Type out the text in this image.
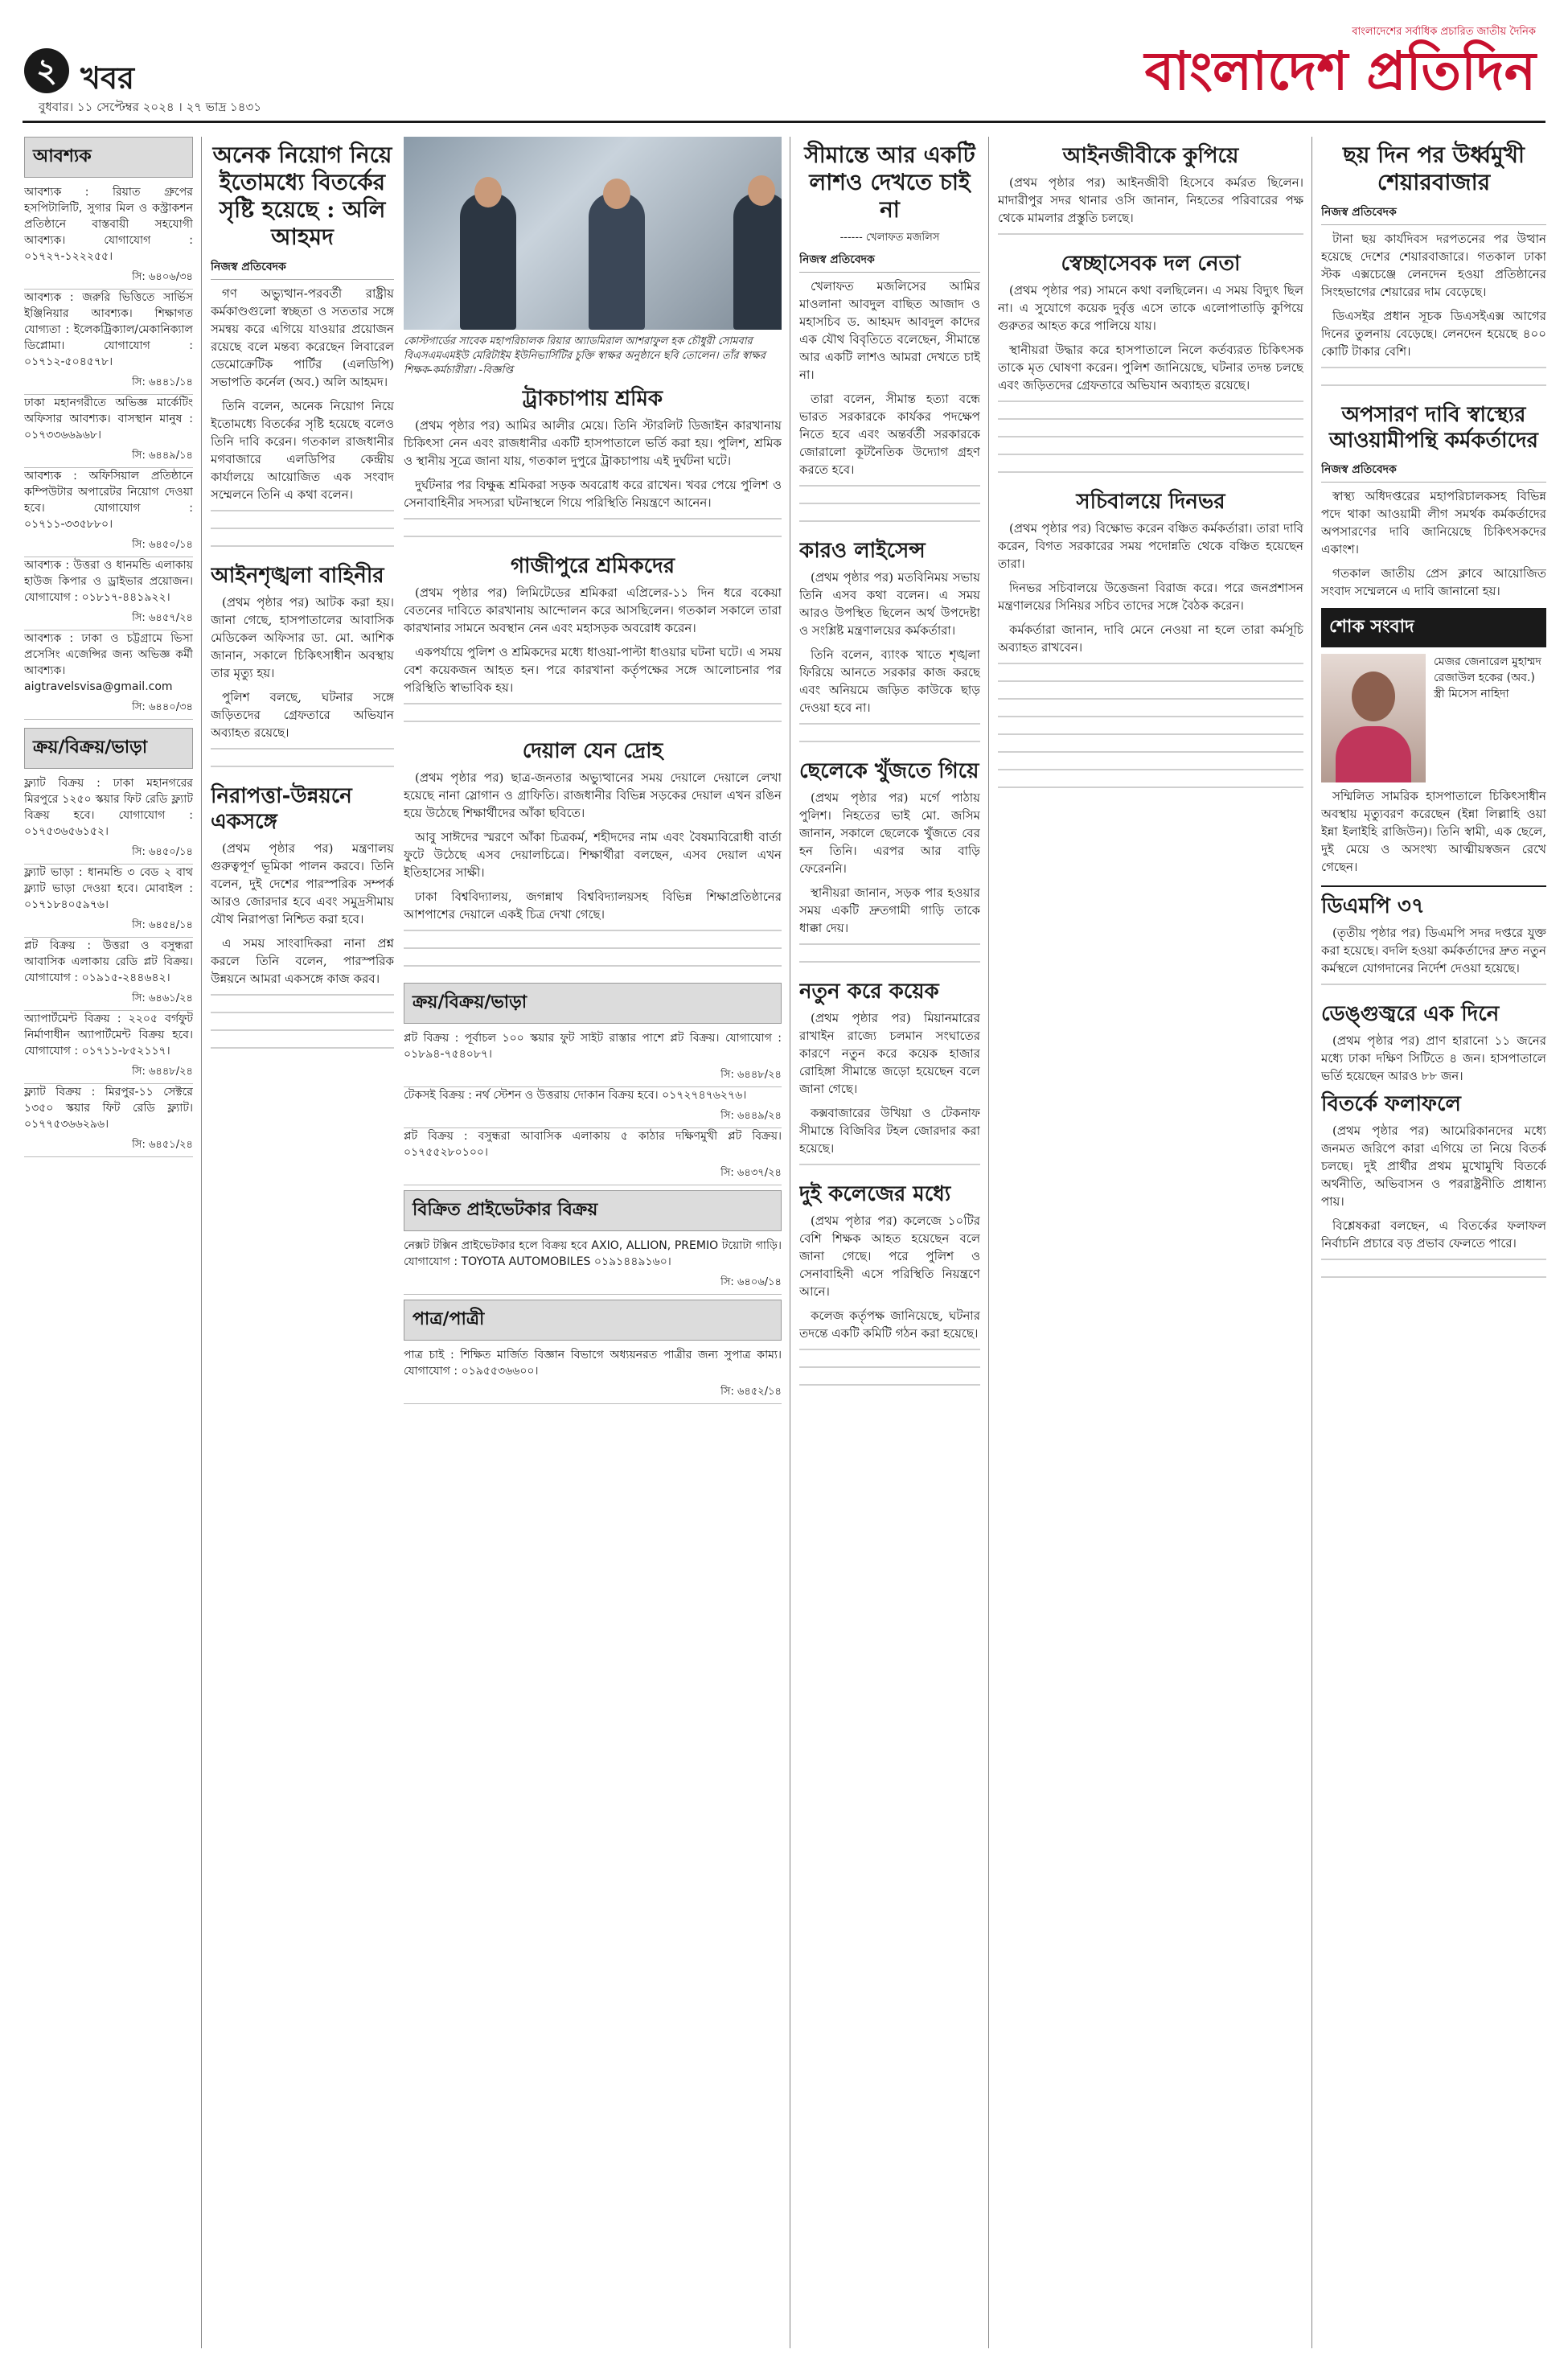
২ খবর
বুধবার। ১১ সেপ্টেম্বর ২০২৪ । ২৭ ভাদ্র ১৪৩১
বাংলাদেশের সর্বাধিক প্রচারিত জাতীয় দৈনিক
বাংলাদেশ প্রতিদিন
আবশ্যক

আবশ্যক : রিয়াত গ্রুপের হসপিটালিটি, সুগার মিল ও কস্ট্রাকশন প্রতিষ্ঠানে বাস্তবায়ী সহযোগী আবশ্যক। যোগাযোগ : ০১৭২৭-১২২২৫৫।

সি: ৬৪০৬/৩৪

আবশ্যক : জরুরি ভিত্তিতে সার্ভিস ইঞ্জিনিয়ার আবশ্যক। শিক্ষাগত যোগ্যতা : ইলেকট্রিক্যাল/মেকানিক্যাল ডিপ্লোমা। যোগাযোগ : ০১৭১২-৫০৪৫৭৮।

সি: ৬৪৪১/১৪

ঢাকা মহানগরীতে অভিজ্ঞ মার্কেটিং অফিসার আবশ্যক। বাসস্থান মানুষ : ০১৭৩৩৬৬৯৬৮।

সি: ৬৪৪৯/১৪

আবশ্যক : অফিসিয়াল প্রতিষ্ঠানে কম্পিউটার অপারেটর নিয়োগ দেওয়া হবে। যোগাযোগ : ০১৭১১-৩৩৫৮৮০।

সি: ৬৪৫০/১৪

আবশ্যক : উত্তরা ও ধানমন্ডি এলাকায় হাউজ কিপার ও ড্রাইভার প্রয়োজন। যোগাযোগ : ০১৮১৭-৪৪১৯২২।

সি: ৬৪৫৭/২৪

আবশ্যক : ঢাকা ও চট্টগ্রামে ভিসা প্রসেসিং এজেন্সির জন্য অভিজ্ঞ কর্মী আবশ্যক। aigtravelsvisa@gmail.com

সি: ৬৪৪০/৩৪
ক্রয়/বিক্রয়/ভাড়া

ফ্ল্যাট বিক্রয় : ঢাকা মহানগরের মিরপুরে ১২৫০ স্কয়ার ফিট রেডি ফ্ল্যাট বিক্রয় হবে। যোগাযোগ : ০১৭৫৩৬৫৬১৫২।

সি: ৬৪৫০/১৪

ফ্ল্যাট ভাড়া : ধানমন্ডি ৩ বেড ২ বাথ ফ্ল্যাট ভাড়া দেওয়া হবে। মোবাইল : ০১৭১৮৪০৫৯৭৬।

সি: ৬৪৫৪/১৪

প্লট বিক্রয় : উত্তরা ও বসুন্ধরা আবাসিক এলাকায় রেডি প্লট বিক্রয়। যোগাযোগ : ০১৯১৫-২৪৪৬৪২।

সি: ৬৪৬১/২৪

অ্যাপার্টমেন্ট বিক্রয় : ২২০৫ বর্গফুট নির্মাণাধীন অ্যাপার্টমেন্ট বিক্রয় হবে। যোগাযোগ : ০১৭১১-৮৫২১১৭।

সি: ৬৪৪৮/২৪

ফ্ল্যাট বিক্রয় : মিরপুর-১১ সেক্টরে ১৩৫০ স্কয়ার ফিট রেডি ফ্ল্যাট। ০১৭৭৫৩৬৬২৯৬।

সি: ৬৪৫১/২৪
অনেক নিয়োগ নিয়ে ইতোমধ্যে বিতর্কের সৃষ্টি হয়েছে : অলি আহমদ
নিজস্ব প্রতিবেদক

গণ অভ্যুত্থান-পরবর্তী রাষ্ট্রীয় কর্মকাণ্ডগুলো স্বচ্ছতা ও সততার সঙ্গে সমন্বয় করে এগিয়ে যাওয়ার প্রয়োজন রয়েছে বলে মন্তব্য করেছেন লিবারেল ডেমোক্রেটিক পার্টির (এলডিপি) সভাপতি কর্নেল (অব.) অলি আহমদ।

তিনি বলেন, অনেক নিয়োগ নিয়ে ইতোমধ্যে বিতর্কের সৃষ্টি হয়েছে বলেও তিনি দাবি করেন। গতকাল রাজধানীর মগবাজারে এলডিপির কেন্দ্রীয় কার্যালয়ে আয়োজিত এক সংবাদ সম্মেলনে তিনি এ কথা বলেন।

আইনশৃঙ্খলা বাহিনীর

(প্রথম পৃষ্ঠার পর) আটক করা হয়। জানা গেছে, হাসপাতালের আবাসিক মেডিকেল অফিসার ডা. মো. আশিক জানান, সকালে চিকিৎসাধীন অবস্থায় তার মৃত্যু হয়।

পুলিশ বলছে, ঘটনার সঙ্গে জড়িতদের গ্রেফতারে অভিযান অব্যাহত রয়েছে।

নিরাপত্তা-উন্নয়নে একসঙ্গে

(প্রথম পৃষ্ঠার পর) মন্ত্রণালয় গুরুত্বপূর্ণ ভূমিকা পালন করবে। তিনি বলেন, দুই দেশের পারস্পরিক সম্পর্ক আরও জোরদার হবে এবং সমুদ্রসীমায় যৌথ নিরাপত্তা নিশ্চিত করা হবে।

এ সময় সাংবাদিকরা নানা প্রশ্ন করলে তিনি বলেন, পারস্পরিক উন্নয়নে আমরা একসঙ্গে কাজ করব।

কোস্টগার্ডের সাবেক মহাপরিচালক রিয়ার অ্যাডমিরাল আশরাফুল হক চৌধুরী সোমবার বিএসএমএমইউ মেরিটাইম ইউনিভার্সিটির চুক্তি স্বাক্ষর অনুষ্ঠানে ছবি তোলেন। তাঁর স্বাক্ষর শিক্ষক-কর্মচারীরা। -বিজ্ঞপ্তি
ট্রাকচাপায় শ্রমিক

(প্রথম পৃষ্ঠার পর) আমির আলীর মেয়ে। তিনি স্টারলিট ডিজাইন কারখানায় চিকিৎসা নেন এবং রাজধানীর একটি হাসপাতালে ভর্তি করা হয়। পুলিশ, শ্রমিক ও স্থানীয় সূত্রে জানা যায়, গতকাল দুপুরে ট্রাকচাপায় এই দুর্ঘটনা ঘটে।

দুর্ঘটনার পর বিক্ষুব্ধ শ্রমিকরা সড়ক অবরোধ করে রাখেন। খবর পেয়ে পুলিশ ও সেনাবাহিনীর সদস্যরা ঘটনাস্থলে গিয়ে পরিস্থিতি নিয়ন্ত্রণে আনেন।

গাজীপুরে শ্রমিকদের

(প্রথম পৃষ্ঠার পর) লিমিটেডের শ্রমিকরা এপ্রিলের-১১ দিন ধরে বকেয়া বেতনের দাবিতে কারখানায় আন্দোলন করে আসছিলেন। গতকাল সকালে তারা কারখানার সামনে অবস্থান নেন এবং মহাসড়ক অবরোধ করেন।

একপর্যায়ে পুলিশ ও শ্রমিকদের মধ্যে ধাওয়া-পাল্টা ধাওয়ার ঘটনা ঘটে। এ সময় বেশ কয়েকজন আহত হন। পরে কারখানা কর্তৃপক্ষের সঙ্গে আলোচনার পর পরিস্থিতি স্বাভাবিক হয়।

দেয়াল যেন দ্রোহ

(প্রথম পৃষ্ঠার পর) ছাত্র-জনতার অভ্যুত্থানের সময় দেয়ালে দেয়ালে লেখা হয়েছে নানা স্লোগান ও গ্রাফিতি। রাজধানীর বিভিন্ন সড়কের দেয়াল এখন রঙিন হয়ে উঠেছে শিক্ষার্থীদের আঁকা ছবিতে।

আবু সাঈদের স্মরণে আঁকা চিত্রকর্ম, শহীদদের নাম এবং বৈষম্যবিরোধী বার্তা ফুটে উঠেছে এসব দেয়ালচিত্রে। শিক্ষার্থীরা বলছেন, এসব দেয়াল এখন ইতিহাসের সাক্ষী।

ঢাকা বিশ্ববিদ্যালয়, জগন্নাথ বিশ্ববিদ্যালয়সহ বিভিন্ন শিক্ষাপ্রতিষ্ঠানের আশপাশের দেয়ালে একই চিত্র দেখা গেছে।

ক্রয়/বিক্রয়/ভাড়া

প্লট বিক্রয় : পূর্বাচল ১০০ স্কয়ার ফুট সাইট রাস্তার পাশে প্লট বিক্রয়। যোগাযোগ : ০১৮৯৪-৭৫৪০৮৭।

সি: ৬৪৪৮/২৪

টেকসই বিক্রয় : নর্থ স্টেশন ও উত্তরায় দোকান বিক্রয় হবে। ০১৭২৭৪৭৬২৭৬।

সি: ৬৪৪৯/২৪

প্লট বিক্রয় : বসুন্ধরা আবাসিক এলাকায় ৫ কাঠার দক্ষিণমুখী প্লট বিক্রয়। ০১৭৫৫২৮০১০০।

সি: ৬৪৩৭/২৪
বিক্রিত প্রাইভেটকার বিক্রয়

নেক্সট টক্সিন প্রাইভেটকার হলে বিক্রয় হবে AXIO, ALLION, PREMIO টয়োটা গাড়ি। যোগাযোগ : TOYOTA AUTOMOBILES ০১৯১৪৪৯১৬০।

সি: ৬৪০৬/১৪
পাত্র/পাত্রী

পাত্র চাই : শিক্ষিত মার্জিত বিজ্ঞান বিভাগে অধ্যয়নরত পাত্রীর জন্য সুপাত্র কাম্য। যোগাযোগ : ০১৯৫৫৩৬৬০০।

সি: ৬৪৫২/১৪
সীমান্তে আর একটি লাশও দেখতে চাই না
------ খেলাফত মজলিস
নিজস্ব প্রতিবেদক

খেলাফত মজলিসের আমির মাওলানা আবদুল বাছিত আজাদ ও মহাসচিব ড. আহমদ আবদুল কাদের এক যৌথ বিবৃতিতে বলেছেন, সীমান্তে আর একটি লাশও আমরা দেখতে চাই না।

তারা বলেন, সীমান্ত হত্যা বন্ধে ভারত সরকারকে কার্যকর পদক্ষেপ নিতে হবে এবং অন্তর্বর্তী সরকারকে জোরালো কূটনৈতিক উদ্যোগ গ্রহণ করতে হবে।

কারও লাইসেন্স

(প্রথম পৃষ্ঠার পর) মতবিনিময় সভায় তিনি এসব কথা বলেন। এ সময় আরও উপস্থিত ছিলেন অর্থ উপদেষ্টা ও সংশ্লিষ্ট মন্ত্রণালয়ের কর্মকর্তারা।

তিনি বলেন, ব্যাংক খাতে শৃঙ্খলা ফিরিয়ে আনতে সরকার কাজ করছে এবং অনিয়মে জড়িত কাউকে ছাড় দেওয়া হবে না।

ছেলেকে খুঁজতে গিয়ে

(প্রথম পৃষ্ঠার পর) মর্গে পাঠায় পুলিশ। নিহতের ভাই মো. জসিম জানান, সকালে ছেলেকে খুঁজতে বের হন তিনি। এরপর আর বাড়ি ফেরেননি।

স্থানীয়রা জানান, সড়ক পার হওয়ার সময় একটি দ্রুতগামী গাড়ি তাকে ধাক্কা দেয়।

নতুন করে কয়েক

(প্রথম পৃষ্ঠার পর) মিয়ানমারের রাখাইন রাজ্যে চলমান সংঘাতের কারণে নতুন করে কয়েক হাজার রোহিঙ্গা সীমান্তে জড়ো হয়েছেন বলে জানা গেছে।

কক্সবাজারের উখিয়া ও টেকনাফ সীমান্তে বিজিবির টহল জোরদার করা হয়েছে।

দুই কলেজের মধ্যে

(প্রথম পৃষ্ঠার পর) কলেজে ১০টির বেশি শিক্ষক আহত হয়েছেন বলে জানা গেছে। পরে পুলিশ ও সেনাবাহিনী এসে পরিস্থিতি নিয়ন্ত্রণে আনে।

কলেজ কর্তৃপক্ষ জানিয়েছে, ঘটনার তদন্তে একটি কমিটি গঠন করা হয়েছে।

আইনজীবীকে কুপিয়ে

(প্রথম পৃষ্ঠার পর) আইনজীবী হিসেবে কর্মরত ছিলেন। মাদারীপুর সদর থানার ওসি জানান, নিহতের পরিবারের পক্ষ থেকে মামলার প্রস্তুতি চলছে।

স্বেচ্ছাসেবক দল নেতা

(প্রথম পৃষ্ঠার পর) সামনে কথা বলছিলেন। এ সময় বিদ্যুৎ ছিল না। এ সুযোগে কয়েক দুর্বৃত্ত এসে তাকে এলোপাতাড়ি কুপিয়ে গুরুতর আহত করে পালিয়ে যায়।

স্থানীয়রা উদ্ধার করে হাসপাতালে নিলে কর্তব্যরত চিকিৎসক তাকে মৃত ঘোষণা করেন। পুলিশ জানিয়েছে, ঘটনার তদন্ত চলছে এবং জড়িতদের গ্রেফতারে অভিযান অব্যাহত রয়েছে।

সচিবালয়ে দিনভর

(প্রথম পৃষ্ঠার পর) বিক্ষোভ করেন বঞ্চিত কর্মকর্তারা। তারা দাবি করেন, বিগত সরকারের সময় পদোন্নতি থেকে বঞ্চিত হয়েছেন তারা।

দিনভর সচিবালয়ে উত্তেজনা বিরাজ করে। পরে জনপ্রশাসন মন্ত্রণালয়ের সিনিয়র সচিব তাদের সঙ্গে বৈঠক করেন।

কর্মকর্তারা জানান, দাবি মেনে নেওয়া না হলে তারা কর্মসূচি অব্যাহত রাখবেন।

ছয় দিন পর উর্ধ্বমুখী শেয়ারবাজার
নিজস্ব প্রতিবেদক

টানা ছয় কার্যদিবস দরপতনের পর উত্থান হয়েছে দেশের শেয়ারবাজারে। গতকাল ঢাকা স্টক এক্সচেঞ্জে লেনদেন হওয়া প্রতিষ্ঠানের সিংহভাগের শেয়ারের দাম বেড়েছে।

ডিএসইর প্রধান সূচক ডিএসইএক্স আগের দিনের তুলনায় বেড়েছে। লেনদেন হয়েছে ৪০০ কোটি টাকার বেশি।

অপসারণ দাবি স্বাস্থ্যের আওয়ামীপন্থি কর্মকর্তাদের
নিজস্ব প্রতিবেদক

স্বাস্থ্য অধিদপ্তরের মহাপরিচালকসহ বিভিন্ন পদে থাকা আওয়ামী লীগ সমর্থক কর্মকর্তাদের অপসারণের দাবি জানিয়েছে চিকিৎসকদের একাংশ।

গতকাল জাতীয় প্রেস ক্লাবে আয়োজিত সংবাদ সম্মেলনে এ দাবি জানানো হয়।

শোক সংবাদ
মেজর জেনারেল মুহাম্মদ রেজাউল হকের (অব.) স্ত্রী মিসেস নাহিদা

সম্মিলিত সামরিক হাসপাতালে চিকিৎসাধীন অবস্থায় মৃত্যুবরণ করেছেন (ইন্না লিল্লাহি ওয়া ইন্না ইলাইহি রাজিউন)। তিনি স্বামী, এক ছেলে, দুই মেয়ে ও অসংখ্য আত্মীয়স্বজন রেখে গেছেন।

ডিএমপি ৩৭

(তৃতীয় পৃষ্ঠার পর) ডিএমপি সদর দপ্তরে যুক্ত করা হয়েছে। বদলি হওয়া কর্মকর্তাদের দ্রুত নতুন কর্মস্থলে যোগদানের নির্দেশ দেওয়া হয়েছে।

ডেঙ্গুজ্বরে এক দিনে

(প্রথম পৃষ্ঠার পর) প্রাণ হারানো ১১ জনের মধ্যে ঢাকা দক্ষিণ সিটিতে ৪ জন। হাসপাতালে ভর্তি হয়েছেন আরও ৮৮ জন।

বিতর্কে ফলাফলে

(প্রথম পৃষ্ঠার পর) আমেরিকানদের মধ্যে জনমত জরিপে কারা এগিয়ে তা নিয়ে বিতর্ক চলছে। দুই প্রার্থীর প্রথম মুখোমুখি বিতর্কে অর্থনীতি, অভিবাসন ও পররাষ্ট্রনীতি প্রাধান্য পায়।

বিশ্লেষকরা বলছেন, এ বিতর্কের ফলাফল নির্বাচনি প্রচারে বড় প্রভাব ফেলতে পারে।
